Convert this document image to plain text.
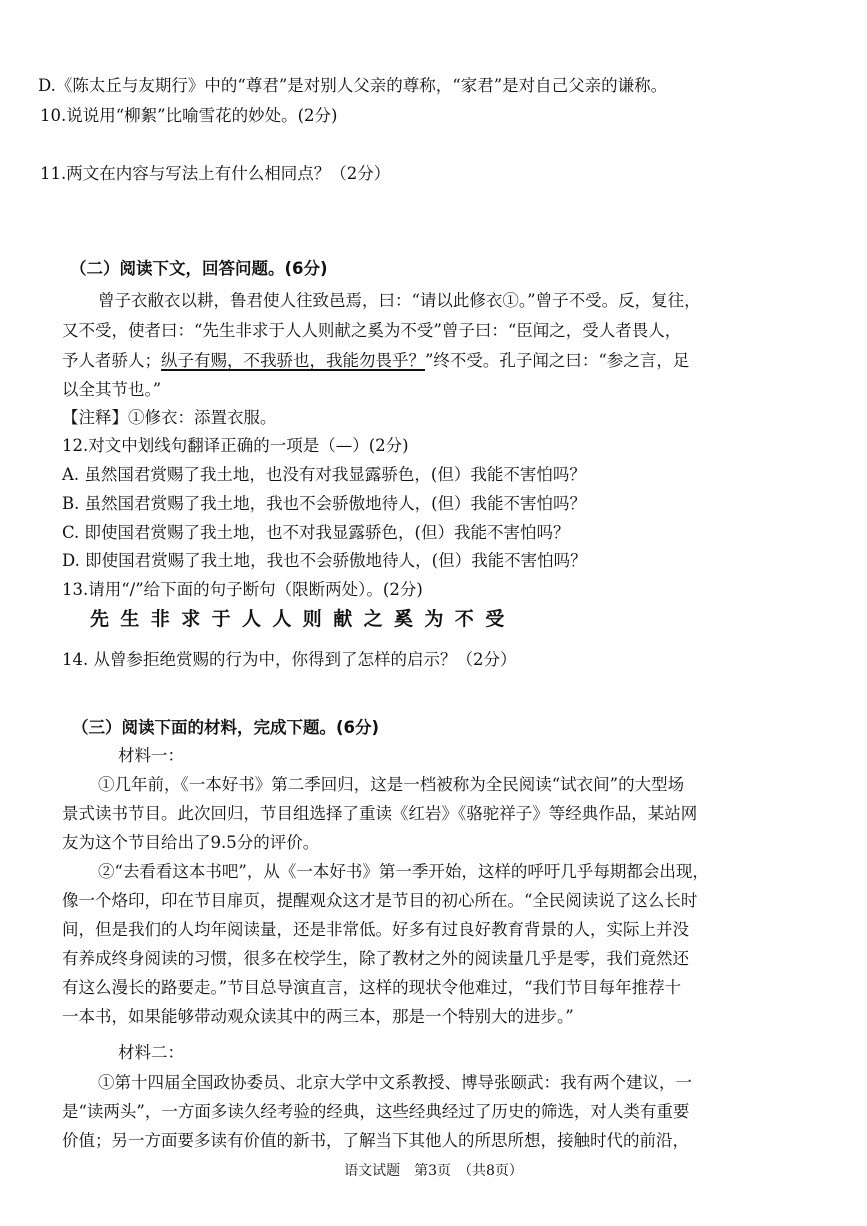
D.《陈太丘与友期行》中的“尊君”是对别人父亲的尊称，“家君”是对自己父亲的谦称。
10.说说用“柳絮”比喻雪花的妙处。(2分)
11.两文在内容与写法上有什么相同点？（2分）
（二）阅读下文，回答问题。(6分)
曾子衣敝衣以耕，鲁君使人往致邑焉，曰：“请以此修衣①。”曾子不受。反，复往，
又不受，使者曰：“先生非求于人人则献之奚为不受”曾子曰：“臣闻之，受人者畏人，
予人者骄人；纵子有赐，不我骄也，我能勿畏乎？”终不受。孔子闻之曰：“参之言，足
以全其节也。”
【注释】①修衣：添置衣服。
12.对文中划线句翻译正确的一项是（—）(2分)
A. 虽然国君赏赐了我土地，也没有对我显露骄色，(但）我能不害怕吗？
B. 虽然国君赏赐了我土地，我也不会骄傲地待人，(但）我能不害怕吗？
C. 即使国君赏赐了我土地，也不对我显露骄色，(但）我能不害怕吗？
D. 即使国君赏赐了我土地，我也不会骄傲地待人，(但）我能不害怕吗？
13.请用“/”给下面的句子断句（限断两处）。(2分)
先生非求于人人则献之奚为不受
14. 从曾参拒绝赏赐的行为中，你得到了怎样的启示？（2分）
（三）阅读下面的材料，完成下题。(6分)
材料一：
①几年前，《一本好书》第二季回归，这是一档被称为全民阅读“试衣间”的大型场
景式读书节目。此次回归，节目组选择了重读《红岩》《骆驼祥子》等经典作品，某站网
友为这个节目给出了9.5分的评价。
②“去看看这本书吧”，从《一本好书》第一季开始，这样的呼吁几乎每期都会出现，
像一个烙印，印在节目扉页，提醒观众这才是节目的初心所在。“全民阅读说了这么长时
间，但是我们的人均年阅读量，还是非常低。好多有过良好教育背景的人，实际上并没
有养成终身阅读的习惯，很多在校学生，除了教材之外的阅读量几乎是零，我们竟然还
有这么漫长的路要走。”节目总导演直言，这样的现状令他难过，“我们节目每年推荐十
一本书，如果能够带动观众读其中的两三本，那是一个特别大的进步。”
材料二：
①第十四届全国政协委员、北京大学中文系教授、博导张颐武：我有两个建议，一
是“读两头”，一方面多读久经考验的经典，这些经典经过了历史的筛选，对人类有重要
价值；另一方面要多读有价值的新书，了解当下其他人的所思所想，接触时代的前沿，
语文试题　第3页　（共8页）
